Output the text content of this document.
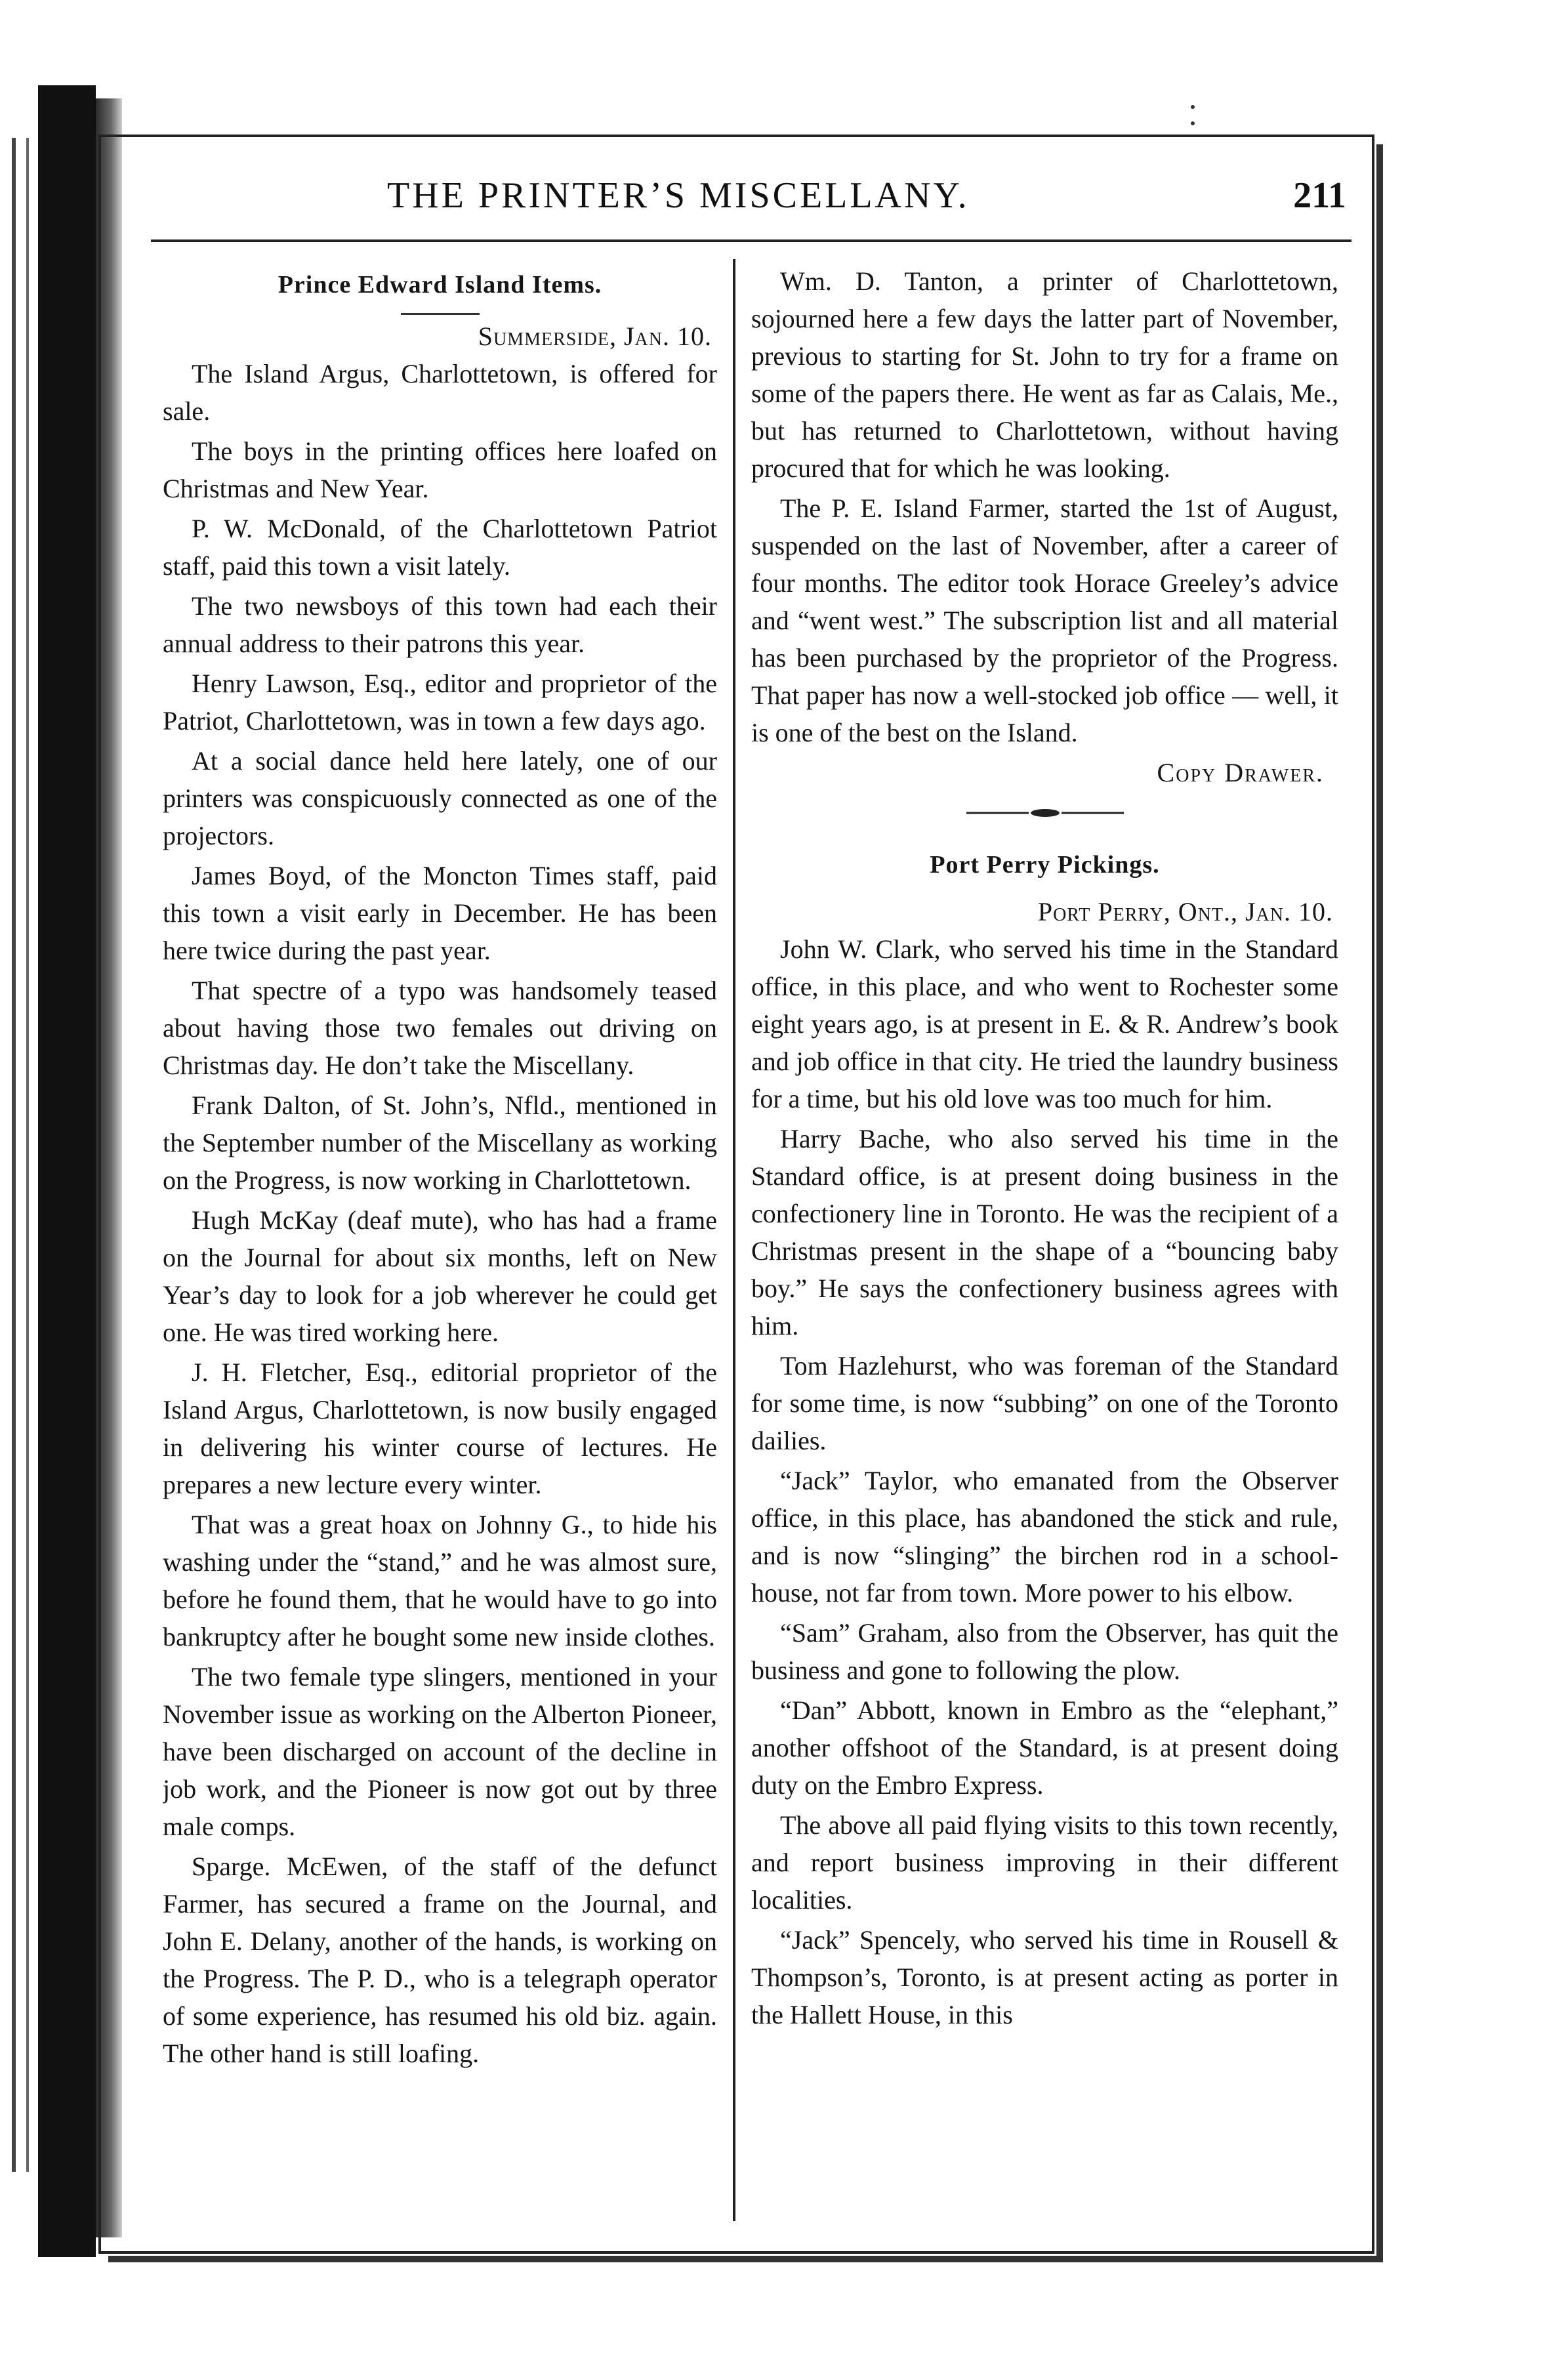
THE PRINTER’S MISCELLANY.	211
Prince Edward Island Items.
Summerside, Jan. 10.

The Island Argus, Charlottetown, is offered for sale.

The boys in the printing offices here loafed on Christmas and New Year.

P. W. McDonald, of the Charlottetown Patriot staff, paid this town a visit lately.

The two newsboys of this town had each their annual address to their patrons this year.

Henry Lawson, Esq., editor and proprietor of the Patriot, Charlottetown, was in town a few days ago.

At a social dance held here lately, one of our printers was conspicuously connected as one of the projectors.

James Boyd, of the Moncton Times staff, paid this town a visit early in December. He has been here twice during the past year.

That spectre of a typo was handsomely teased about having those two females out driving on Christmas day. He don’t take the Miscellany.

Frank Dalton, of St. John’s, Nfld., mentioned in the September number of the Miscellany as working on the Progress, is now working in Charlottetown.

Hugh McKay (deaf mute), who has had a frame on the Journal for about six months, left on New Year’s day to look for a job wherever he could get one. He was tired working here.

J. H. Fletcher, Esq., editorial proprietor of the Island Argus, Charlottetown, is now busily engaged in delivering his winter course of lectures. He prepares a new lecture every winter.

That was a great hoax on Johnny G., to hide his washing under the “stand,” and he was almost sure, before he found them, that he would have to go into bankruptcy after he bought some new inside clothes.

The two female type slingers, mentioned in your November issue as working on the Alberton Pioneer, have been discharged on account of the decline in job work, and the Pioneer is now got out by three male comps.

Sparge. McEwen, of the staff of the defunct Farmer, has secured a frame on the Journal, and John E. Delany, another of the hands, is working on the Progress. The P. D., who is a telegraph operator of some experience, has resumed his old biz. again. The other hand is still loafing.

Wm. D. Tanton, a printer of Charlottetown, sojourned here a few days the latter part of November, previous to starting for St. John to try for a frame on some of the papers there. He went as far as Calais, Me., but has returned to Charlottetown, without having procured that for which he was looking.

The P. E. Island Farmer, started the 1st of August, suspended on the last of November, after a career of four months. The editor took Horace Greeley’s advice and “went west.” The subscription list and all material has been purchased by the proprietor of the Progress. That paper has now a well-stocked job office — well, it is one of the best on the Island.

Copy Drawer.
Port Perry Pickings.
Port Perry, Ont., Jan. 10.

John W. Clark, who served his time in the Standard office, in this place, and who went to Rochester some eight years ago, is at present in E. & R. Andrew’s book and job office in that city. He tried the laundry business for a time, but his old love was too much for him.

Harry Bache, who also served his time in the Standard office, is at present doing business in the confectionery line in Toronto. He was the recipient of a Christmas present in the shape of a “bouncing baby boy.” He says the confectionery business agrees with him.

Tom Hazlehurst, who was foreman of the Standard for some time, is now “subbing” on one of the Toronto dailies.

“Jack” Taylor, who emanated from the Observer office, in this place, has abandoned the stick and rule, and is now “slinging” the birchen rod in a school-house, not far from town. More power to his elbow.

“Sam” Graham, also from the Observer, has quit the business and gone to following the plow.

“Dan” Abbott, known in Embro as the “elephant,” another offshoot of the Standard, is at present doing duty on the Embro Express.

The above all paid flying visits to this town recently, and report business improving in their different localities.

“Jack” Spencely, who served his time in Rousell & Thompson’s, Toronto, is at present acting as porter in the Hallett House, in this
